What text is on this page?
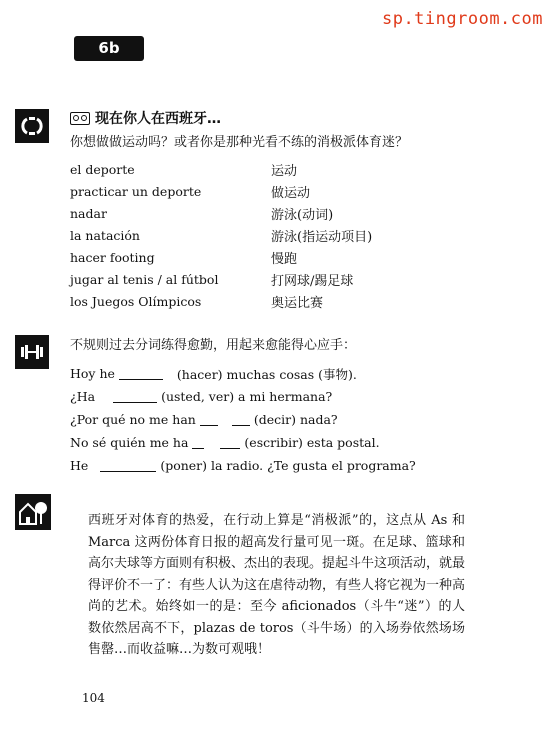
sp.tingroom.com
6b
现在你人在西班牙…
你想做做运动吗？或者你是那种光看不练的消极派体育迷？
el deporte	运动
practicar un deporte	做运动
nadar	游泳(动词)
la natación	游泳(指运动项目)
hacer footing	慢跑
jugar al tenis / al fútbol	打网球/踢足球
los Juegos Olímpicos	奥运比赛
不规则过去分词练得愈勤，用起来愈能得心应手：
Hoy he	(hacer) muchas cosas (事物).
¿Ha	(usted, ver) a mi hermana?
¿Por qué no me han	(decir) nada?
No sé quién me ha	(escribir) esta postal.
He	(poner) la radio. ¿Te gusta el programa?

西班牙对体育的热爱，在行动上算是“消极派”的，这点从 As 和 Marca 这两份体育日报的超高发行量可见一斑。在足球、篮球和高尔夫球等方面则有积极、杰出的表现。提起斗牛这项活动，就最得评价不一了：有些人认为这在虐待动物，有些人将它视为一种高尚的艺术。始终如一的是：至今 aficionados（斗牛“迷”）的人数依然居高不下，plazas de toros（斗牛场）的入场券依然场场售罄…而收益嘛…为数可观哦！

104
